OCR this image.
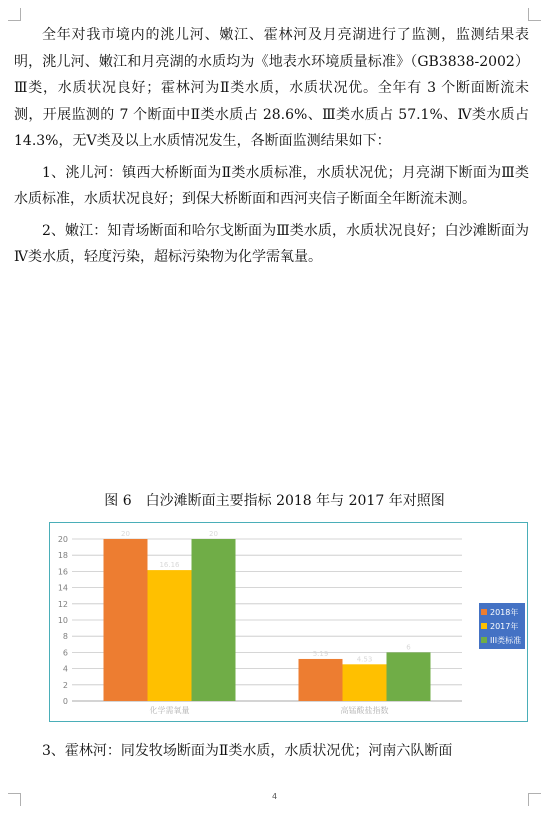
全年对我市境内的洮儿河、嫩江、霍林河及月亮湖进行了监测，监测结果表明，洮儿河、嫩江和月亮湖的水质均为《地表水环境质量标准》（GB3838-2002）Ⅲ类，水质状况良好；霍林河为Ⅱ类水质，水质状况优。全年有 3 个断面断流未测，开展监测的 7 个断面中Ⅱ类水质占 28.6%、Ⅲ类水质占 57.1%、Ⅳ类水质占 14.3%，无Ⅴ类及以上水质情况发生，各断面监测结果如下：

1、洮儿河：镇西大桥断面为Ⅱ类水质标准，水质状况优；月亮湖下断面为Ⅲ类水质标准，水质状况良好；到保大桥断面和西河夹信子断面全年断流未测。

2、嫩江：知青场断面和哈尔戈断面为Ⅲ类水质，水质状况良好；白沙滩断面为Ⅳ类水质，轻度污染，超标污染物为化学需氧量。

图 6　白沙滩断面主要指标 2018 年与 2017 年对照图
0
2
4
6
8
10
12
14
16
18
20
20
16.16
20
化学需氧量
5.19
4.53
6
高锰酸盐指数
2018年
2017年
III类标准

3、霍林河：同发牧场断面为Ⅱ类水质，水质状况优；河南六队断面

4
